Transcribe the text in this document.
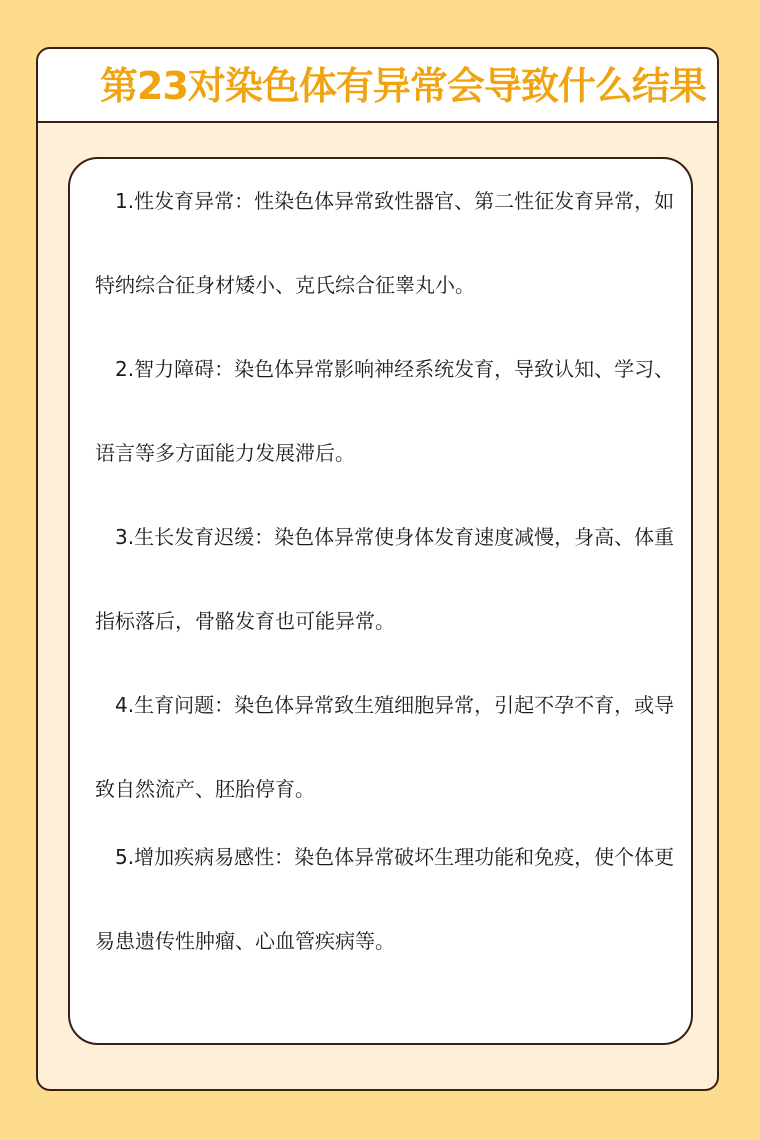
第23对染色体有异常会导致什么结果

1.性发育异常：性染色体异常致性器官、第二性征发育异常，如特纳综合征身材矮小、克氏综合征睾丸小。

2.智力障碍：染色体异常影响神经系统发育，导致认知、学习、语言等多方面能力发展滞后。

3.生长发育迟缓：染色体异常使身体发育速度减慢，身高、体重指标落后，骨骼发育也可能异常。

4.生育问题：染色体异常致生殖细胞异常，引起不孕不育，或导致自然流产、胚胎停育。

5.增加疾病易感性：染色体异常破坏生理功能和免疫，使个体更易患遗传性肿瘤、心血管疾病等。
